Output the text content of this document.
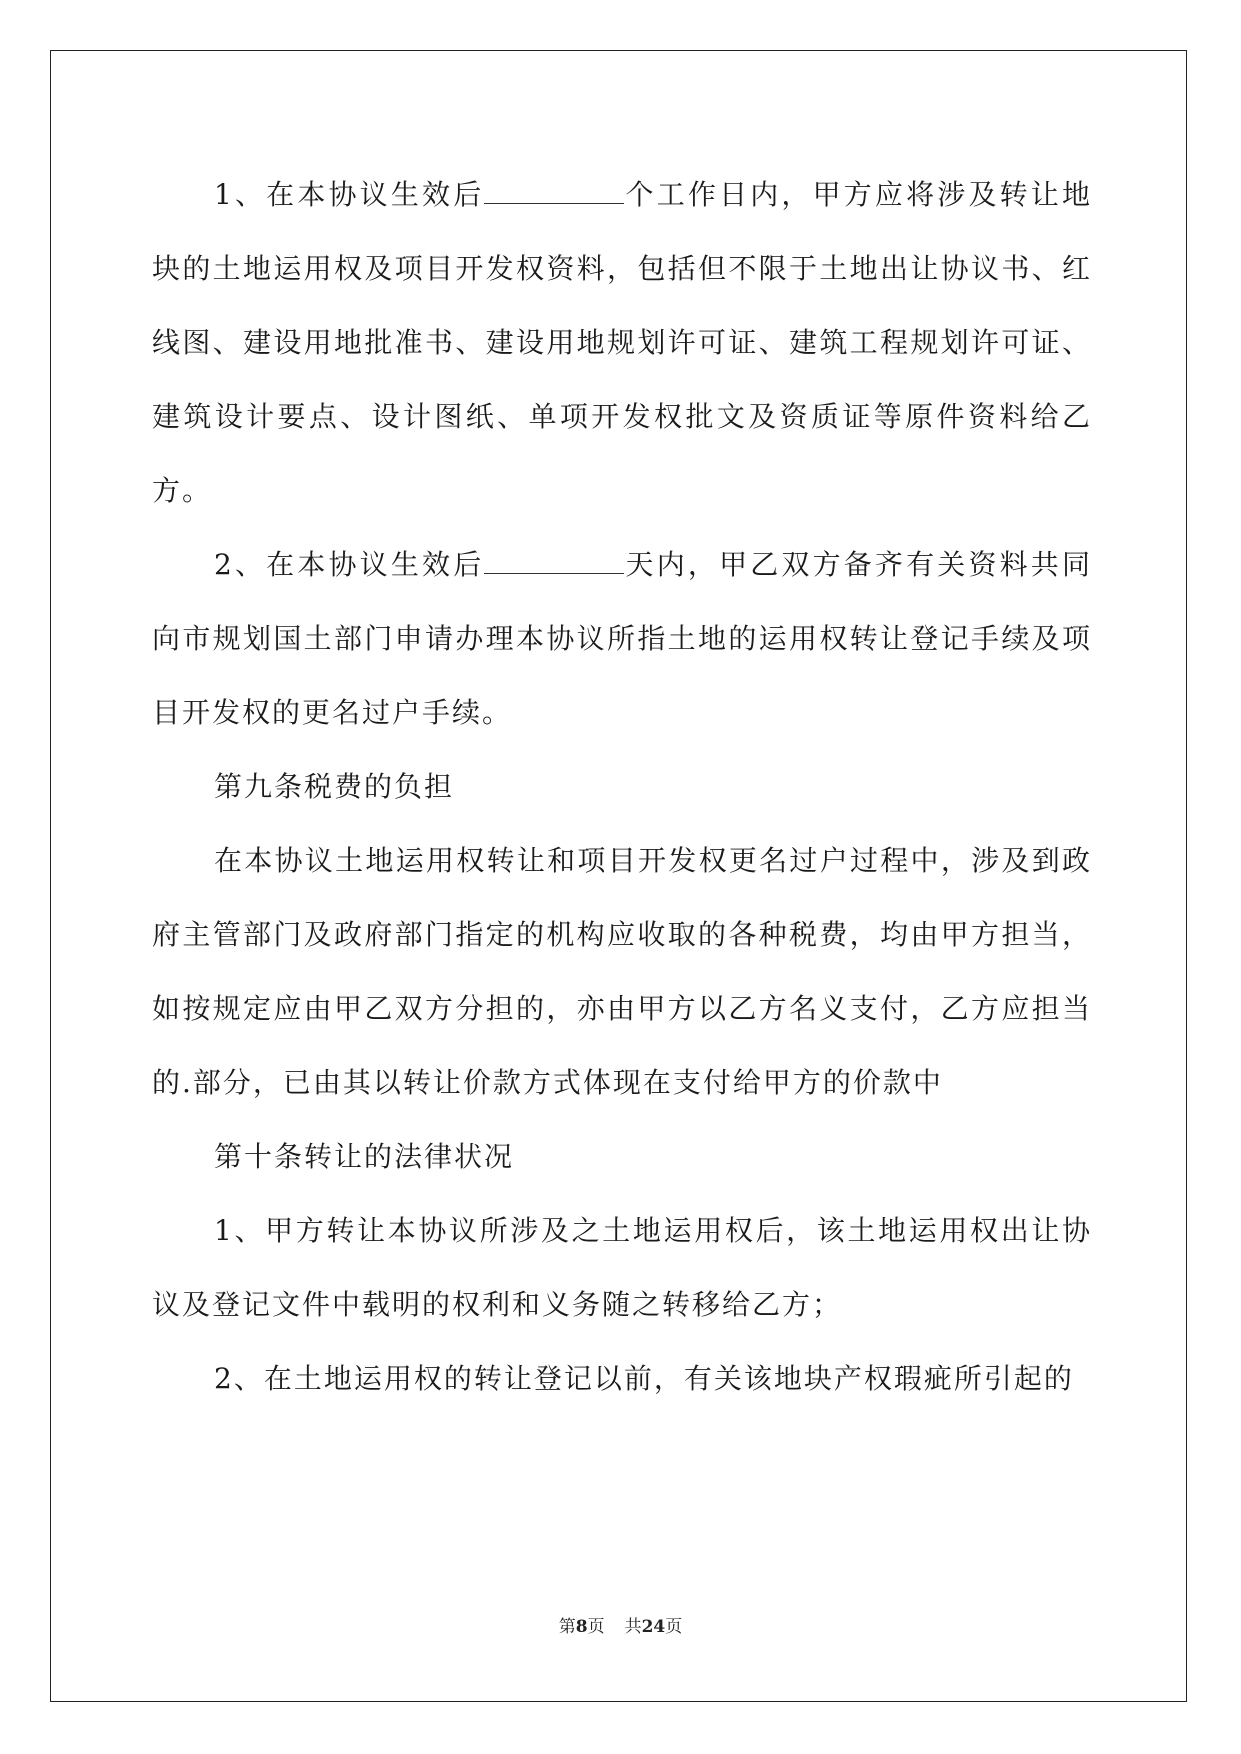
1、在本协议生效后	个工作日内，甲方应将涉及转让地块的土地运用权及项目开发权资料，包括但不限于土地出让协议书、红线图、建设用地批准书、建设用地规划许可证、建筑工程规划许可证、建筑设计要点、设计图纸、单项开发权批文及资质证等原件资料给乙方。

2、在本协议生效后	天内，甲乙双方备齐有关资料共同向市规划国土部门申请办理本协议所指土地的运用权转让登记手续及项目开发权的更名过户手续。

第九条税费的负担

在本协议土地运用权转让和项目开发权更名过户过程中，涉及到政府主管部门及政府部门指定的机构应收取的各种税费，均由甲方担当，如按规定应由甲乙双方分担的，亦由甲方以乙方名义支付，乙方应担当的.部分，已由其以转让价款方式体现在支付给甲方的价款中

第十条转让的法律状况

1、甲方转让本协议所涉及之土地运用权后，该土地运用权出让协议及登记文件中载明的权利和义务随之转移给乙方；

2、在土地运用权的转让登记以前，有关该地块产权瑕疵所引起的

第8页 共24页
